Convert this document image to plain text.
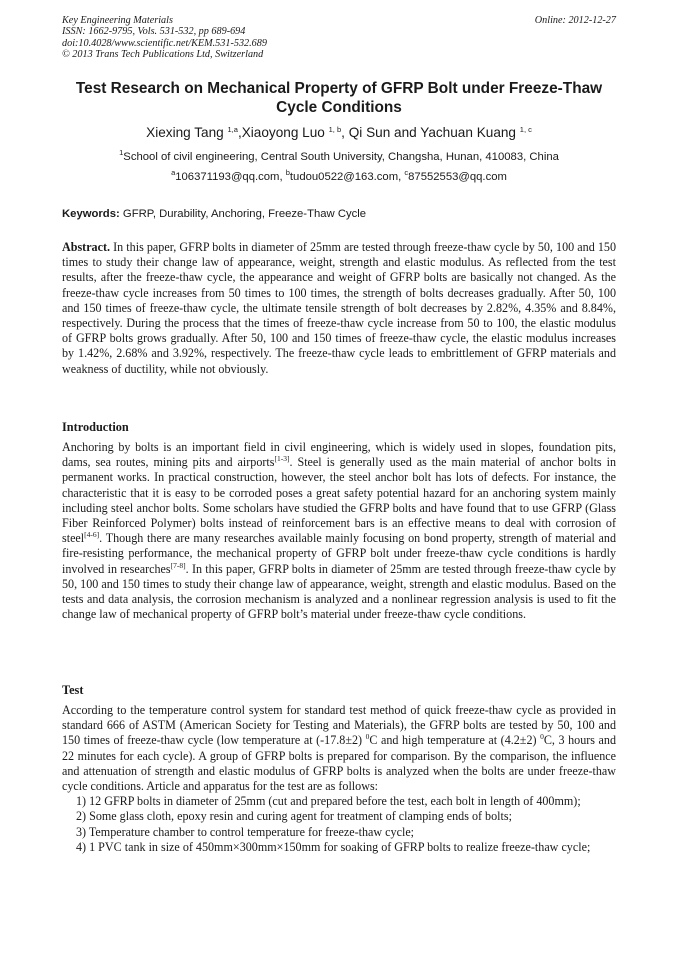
Key Engineering Materials
ISSN: 1662-9795, Vols. 531-532, pp 689-694
doi:10.4028/www.scientific.net/KEM.531-532.689
© 2013 Trans Tech Publications Ltd, Switzerland
Online: 2012-12-27
Test Research on Mechanical Property of GFRP Bolt under Freeze-Thaw Cycle Conditions
Xiexing Tang $^{1,a}$,Xiaoyong Luo $^{1, b}$, Qi Sun and Yachuan Kuang $^{1, c}$
$^1$School of civil engineering, Central South University, Changsha, Hunan, 410083, China
$^a$106371193@qq.com, $^b$tudou0522@163.com, $^c$87552553@qq.com
Keywords: GFRP, Durability, Anchoring, Freeze-Thaw Cycle

Abstract. In this paper, GFRP bolts in diameter of 25mm are tested through freeze-thaw cycle by 50, 100 and 150 times to study their change law of appearance, weight, strength and elastic modulus. As reflected from the test results, after the freeze-thaw cycle, the appearance and weight of GFRP bolts are basically not changed. As the freeze-thaw cycle increases from 50 times to 100 times, the strength of bolts decreases gradually. After 50, 100 and 150 times of freeze-thaw cycle, the ultimate tensile strength of bolt decreases by 2.82%, 4.35% and 8.84%, respectively. During the process that the times of freeze-thaw cycle increase from 50 to 100, the elastic modulus of GFRP bolts grows gradually. After 50, 100 and 150 times of freeze-thaw cycle, the elastic modulus increases by 1.42%, 2.68% and 3.92%, respectively. The freeze-thaw cycle leads to embrittlement of GFRP materials and weakness of ductility, while not obviously.

Introduction

Anchoring by bolts is an important field in civil engineering, which is widely used in slopes, foundation pits, dams, sea routes, mining pits and airports[1-3]. Steel is generally used as the main material of anchor bolts in permanent works. In practical construction, however, the steel anchor bolt has lots of defects. For instance, the characteristic that it is easy to be corroded poses a great safety potential hazard for an anchoring system mainly including steel anchor bolts. Some scholars have studied the GFRP bolts and have found that to use GFRP (Glass Fiber Reinforced Polymer) bolts instead of reinforcement bars is an effective means to deal with corrosion of steel[4-6]. Though there are many researches available mainly focusing on bond property, strength of material and fire-resisting performance, the mechanical property of GFRP bolt under freeze-thaw cycle conditions is hardly involved in researches[7-8]. In this paper, GFRP bolts in diameter of 25mm are tested through freeze-thaw cycle by 50, 100 and 150 times to study their change law of appearance, weight, strength and elastic modulus. Based on the tests and data analysis, the corrosion mechanism is analyzed and a nonlinear regression analysis is used to fit the change law of mechanical property of GFRP bolt’s material under freeze-thaw cycle conditions.

Test

According to the temperature control system for standard test method of quick freeze-thaw cycle as provided in standard 666 of ASTM (American Society for Testing and Materials), the GFRP bolts are tested by 50, 100 and 150 times of freeze-thaw cycle (low temperature at (-17.8±2) $^0$C and high temperature at (4.2±2) $^0$C, 3 hours and 22 minutes for each cycle). A group of GFRP bolts is prepared for comparison. By the comparison, the influence and attenuation of strength and elastic modulus of GFRP bolts is analyzed when the bolts are under freeze-thaw cycle conditions. Article and apparatus for the test are as follows:

1) 12 GFRP bolts in diameter of 25mm (cut and prepared before the test, each bolt in length of 400mm);

2) Some glass cloth, epoxy resin and curing agent for treatment of clamping ends of bolts;

3) Temperature chamber to control temperature for freeze-thaw cycle;

4) 1 PVC tank in size of 450mm×300mm×150mm for soaking of GFRP bolts to realize freeze-thaw cycle;
